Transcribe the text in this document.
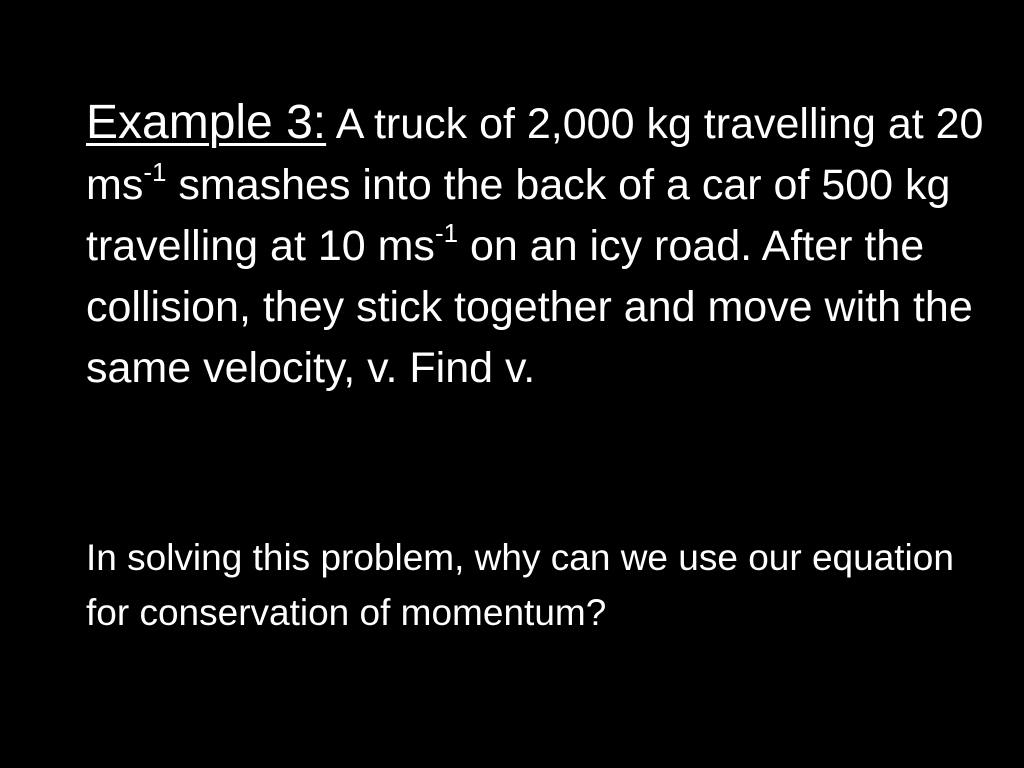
Example 3: A truck of 2,000 kg travelling at 20 $ms^{-1}$ smashes into the back of a car of 500 kg travelling at 10 $ms^{-1}$ on an icy road. After the collision, they stick together and move with the same velocity, v. Find v.

In solving this problem, why can we use our equation for conservation of momentum?
